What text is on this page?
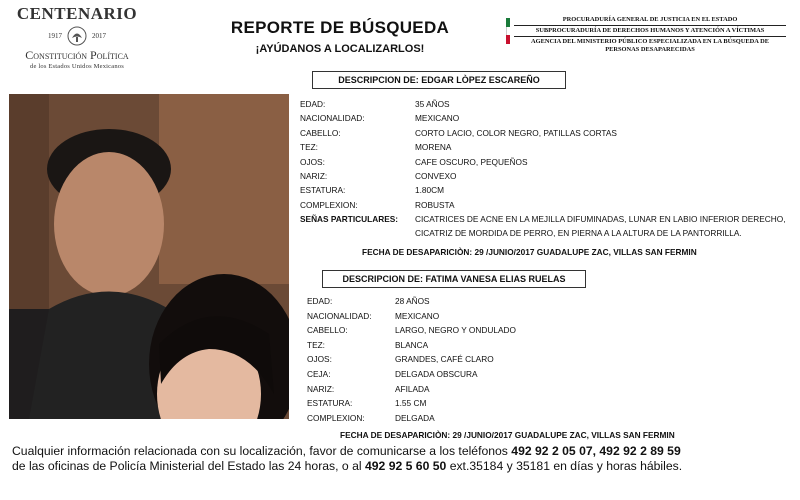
CENTENARIO
1917	2017
Constitución Política
de los Estados Unidos Mexicanos
REPORTE DE BÚSQUEDA
¡AYÚDANOS A LOCALIZARLOS!
PROCURADURÍA GENERAL DE JUSTICIA EN EL ESTADO
SUBPROCURADURÍA DE DERECHOS HUMANOS Y ATENCIÓN A VÍCTIMAS
AGENCIA DEL MINISTERIO PÚBLICO ESPECIALIZADA EN LA BÚSQUEDA DE PERSONAS DESAPARECIDAS
DESCRIPCION DE: EDGAR LÒPEZ ESCAREÑO
EDAD:	35 AÑOS
NACIONALIDAD:	MEXICANO
CABELLO:	CORTO LACIO, COLOR NEGRO, PATILLAS CORTAS
TEZ:	MORENA
OJOS:	CAFE OSCURO, PEQUEÑOS
NARIZ:	CONVEXO
ESTATURA:	1.80CM
COMPLEXION:	ROBUSTA
SEÑAS PARTICULARES: CICATRICES DE ACNE EN LA MEJILLA DIFUMINADAS, LUNAR EN LABIO INFERIOR DERECHO,
CICATRIZ DE MORDIDA DE PERRO, EN PIERNA A LA ALTURA DE LA PANTORRILLA.
FECHA DE DESAPARICIÒN: 29 /JUNIO/2017 GUADALUPE ZAC, VILLAS SAN FERMIN
DESCRIPCION DE: FATIMA VANESA ELIAS RUELAS
EDAD:	28 AÑOS
NACIONALIDAD:	MEXICANO
CABELLO:	LARGO, NEGRO Y ONDULADO
TEZ:	BLANCA
OJOS:	GRANDES, CAFÉ CLARO
CEJA:	DELGADA OBSCURA
NARIZ:	AFILADA
ESTATURA:	1.55 CM
COMPLEXION:	DELGADA
FECHA DE DESAPARICIÒN: 29 /JUNIO/2017 GUADALUPE ZAC, VILLAS SAN FERMIN
Cualquier información relacionada con su localización, favor de comunicarse a los teléfonos 492 92 2 05 07, 492 92 2 89 59
de las oficinas de Policía Ministerial del Estado las 24 horas, o al 492 92 5 60 50 ext.35184 y 35181 en días y horas hábiles.
